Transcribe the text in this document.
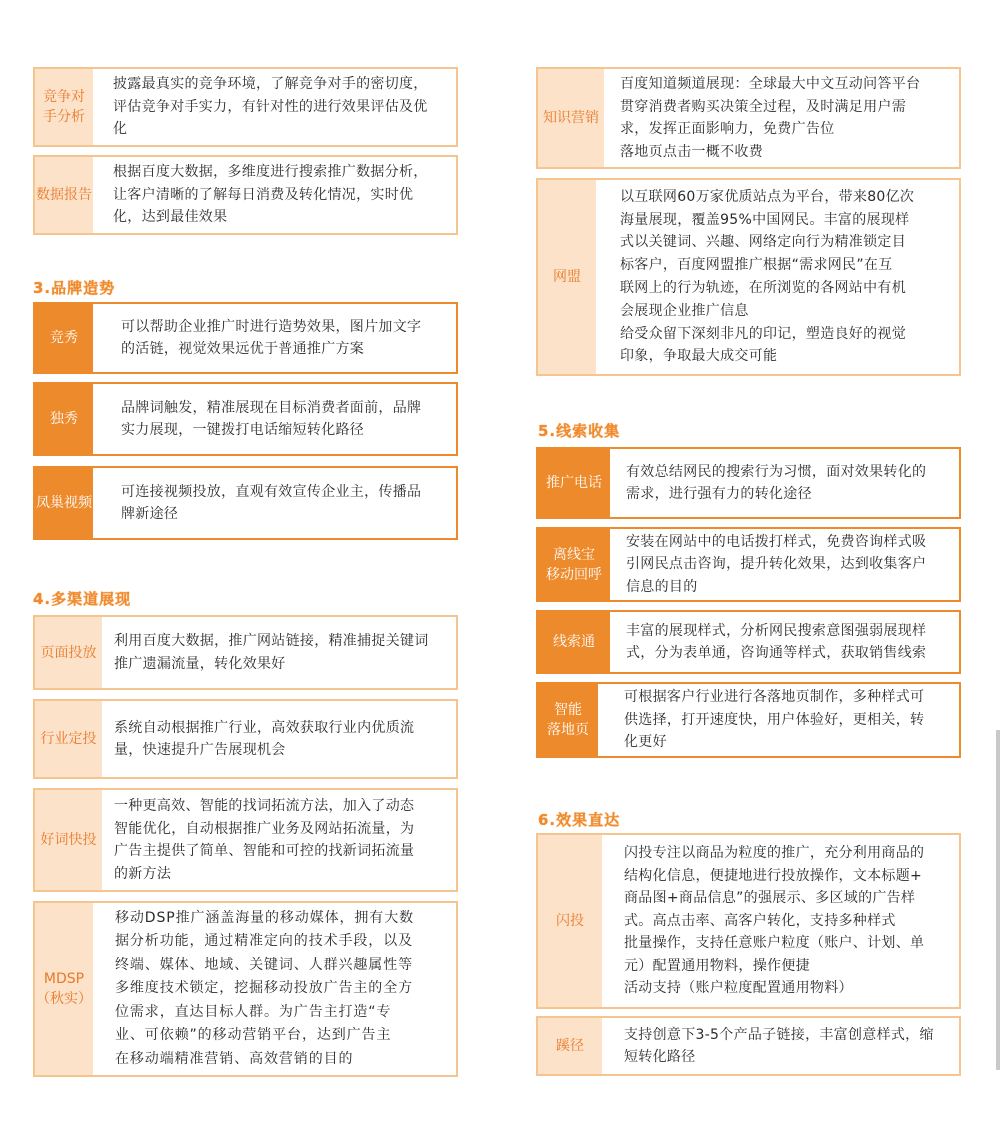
竞争对
手分析
披露最真实的竞争环境，了解竞争对手的密切度，
评估竞争对手实力，有针对性的进行效果评估及优
化
数据报告
根据百度大数据，多维度进行搜索推广数据分析，
让客户清晰的了解每日消费及转化情况，实时优
化，达到最佳效果
3.品牌造势
竞秀
可以帮助企业推广时进行造势效果，图片加文字
的活链，视觉效果远优于普通推广方案
独秀
品牌词触发，精准展现在目标消费者面前，品牌
实力展现，一键拨打电话缩短转化路径
凤巢视频
可连接视频投放，直观有效宣传企业主，传播品
牌新途径
4.多渠道展现
页面投放
利用百度大数据，推广网站链接，精准捕捉关键词
推广遗漏流量，转化效果好
行业定投
系统自动根据推广行业，高效获取行业内优质流
量，快速提升广告展现机会
好词快投
一种更高效、智能的找词拓流方法，加入了动态
智能优化，自动根据推广业务及网站拓流量，为
广告主提供了简单、智能和可控的找新词拓流量
的新方法
MDSP
（秋实）
移动DSP推广涵盖海量的移动媒体，拥有大数
据分析功能，通过精准定向的技术手段，以及
终端、媒体、地域、关键词、人群兴趣属性等
多维度技术锁定，挖掘移动投放广告主的全方
位需求，直达目标人群。为广告主打造“专
业、可依赖”的移动营销平台，达到广告主
在移动端精准营销、高效营销的目的
知识营销
百度知道频道展现：全球最大中文互动问答平台
贯穿消费者购买决策全过程，及时满足用户需
求，发挥正面影响力，免费广告位
落地页点击一概不收费
网盟
以互联网60万家优质站点为平台，带来80亿次
海量展现，覆盖95%中国网民。丰富的展现样
式以关键词、兴趣、网络定向行为精准锁定目
标客户，百度网盟推广根据“需求网民”在互
联网上的行为轨迹，在所浏览的各网站中有机
会展现企业推广信息
给受众留下深刻非凡的印记，塑造良好的视觉
印象，争取最大成交可能
5.线索收集
推广电话
有效总结网民的搜索行为习惯，面对效果转化的
需求，进行强有力的转化途径
离线宝
移动回呼
安装在网站中的电话拨打样式，免费咨询样式吸
引网民点击咨询，提升转化效果，达到收集客户
信息的目的
线索通
丰富的展现样式，分析网民搜索意图强弱展现样
式，分为表单通，咨询通等样式，获取销售线索
智能
落地页
可根据客户行业进行各落地页制作，多种样式可
供选择，打开速度快，用户体验好，更相关，转
化更好
6.效果直达
闪投
闪投专注以商品为粒度的推广，充分利用商品的
结构化信息，便捷地进行投放操作，文本标题+
商品图+商品信息”的强展示、多区域的广告样
式。高点击率、高客户转化，支持多种样式
批量操作，支持任意账户粒度（账户、计划、单
元）配置通用物料，操作便捷
活动支持（账户粒度配置通用物料）
蹊径
支持创意下3-5个产品子链接，丰富创意样式，缩
短转化路径
